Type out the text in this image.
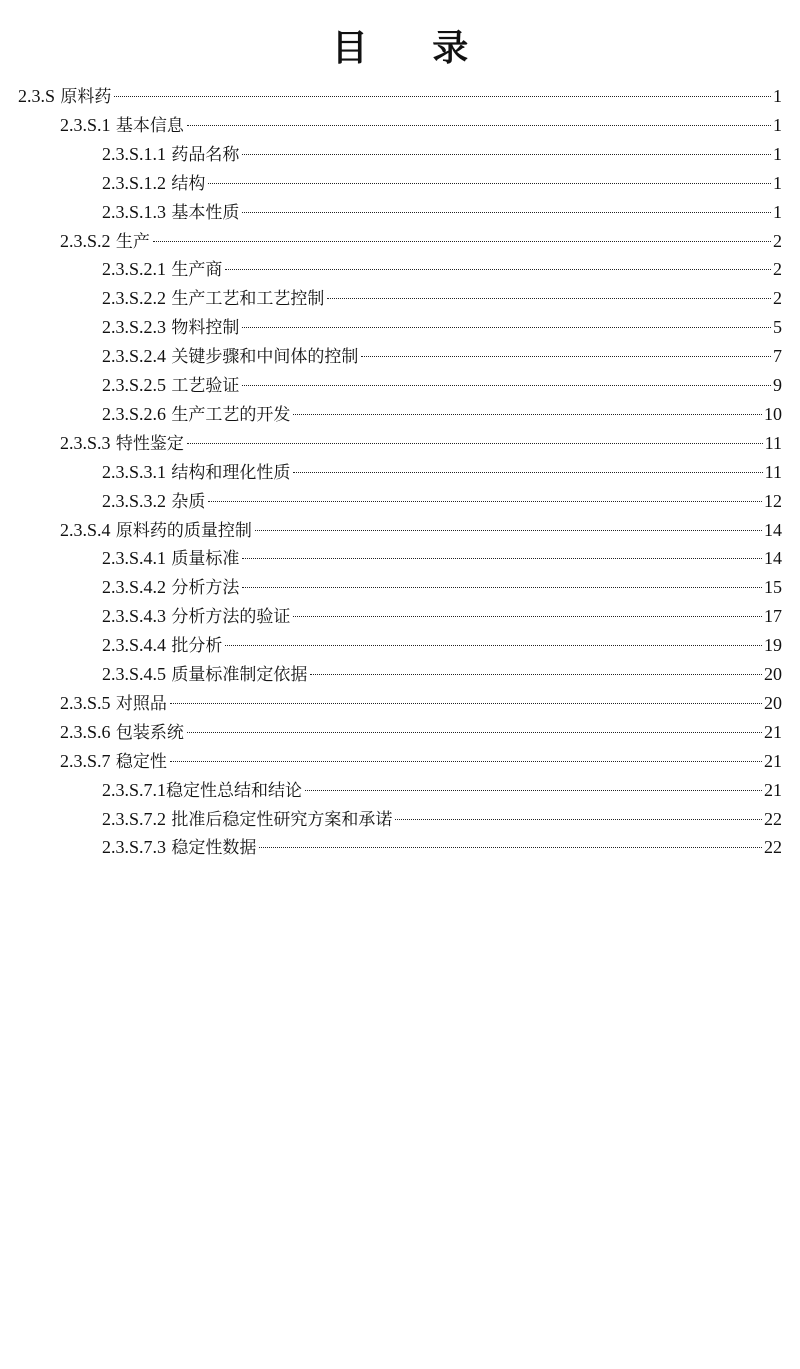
目 录
2.3.S 原料药	1
2.3.S.1 基本信息	1
2.3.S.1.1 药品名称	1
2.3.S.1.2 结构	1
2.3.S.1.3 基本性质	1
2.3.S.2 生产	2
2.3.S.2.1 生产商	2
2.3.S.2.2 生产工艺和工艺控制	2
2.3.S.2.3 物料控制	5
2.3.S.2.4 关键步骤和中间体的控制	7
2.3.S.2.5 工艺验证	9
2.3.S.2.6 生产工艺的开发	10
2.3.S.3 特性鉴定	11
2.3.S.3.1 结构和理化性质	11
2.3.S.3.2 杂质	12
2.3.S.4 原料药的质量控制	14
2.3.S.4.1 质量标准	14
2.3.S.4.2 分析方法	15
2.3.S.4.3 分析方法的验证	17
2.3.S.4.4 批分析	19
2.3.S.4.5 质量标准制定依据	20
2.3.S.5 对照品	20
2.3.S.6 包装系统	21
2.3.S.7 稳定性	21
2.3.S.7.1稳定性总结和结论	21
2.3.S.7.2 批准后稳定性研究方案和承诺	22
2.3.S.7.3 稳定性数据	22
